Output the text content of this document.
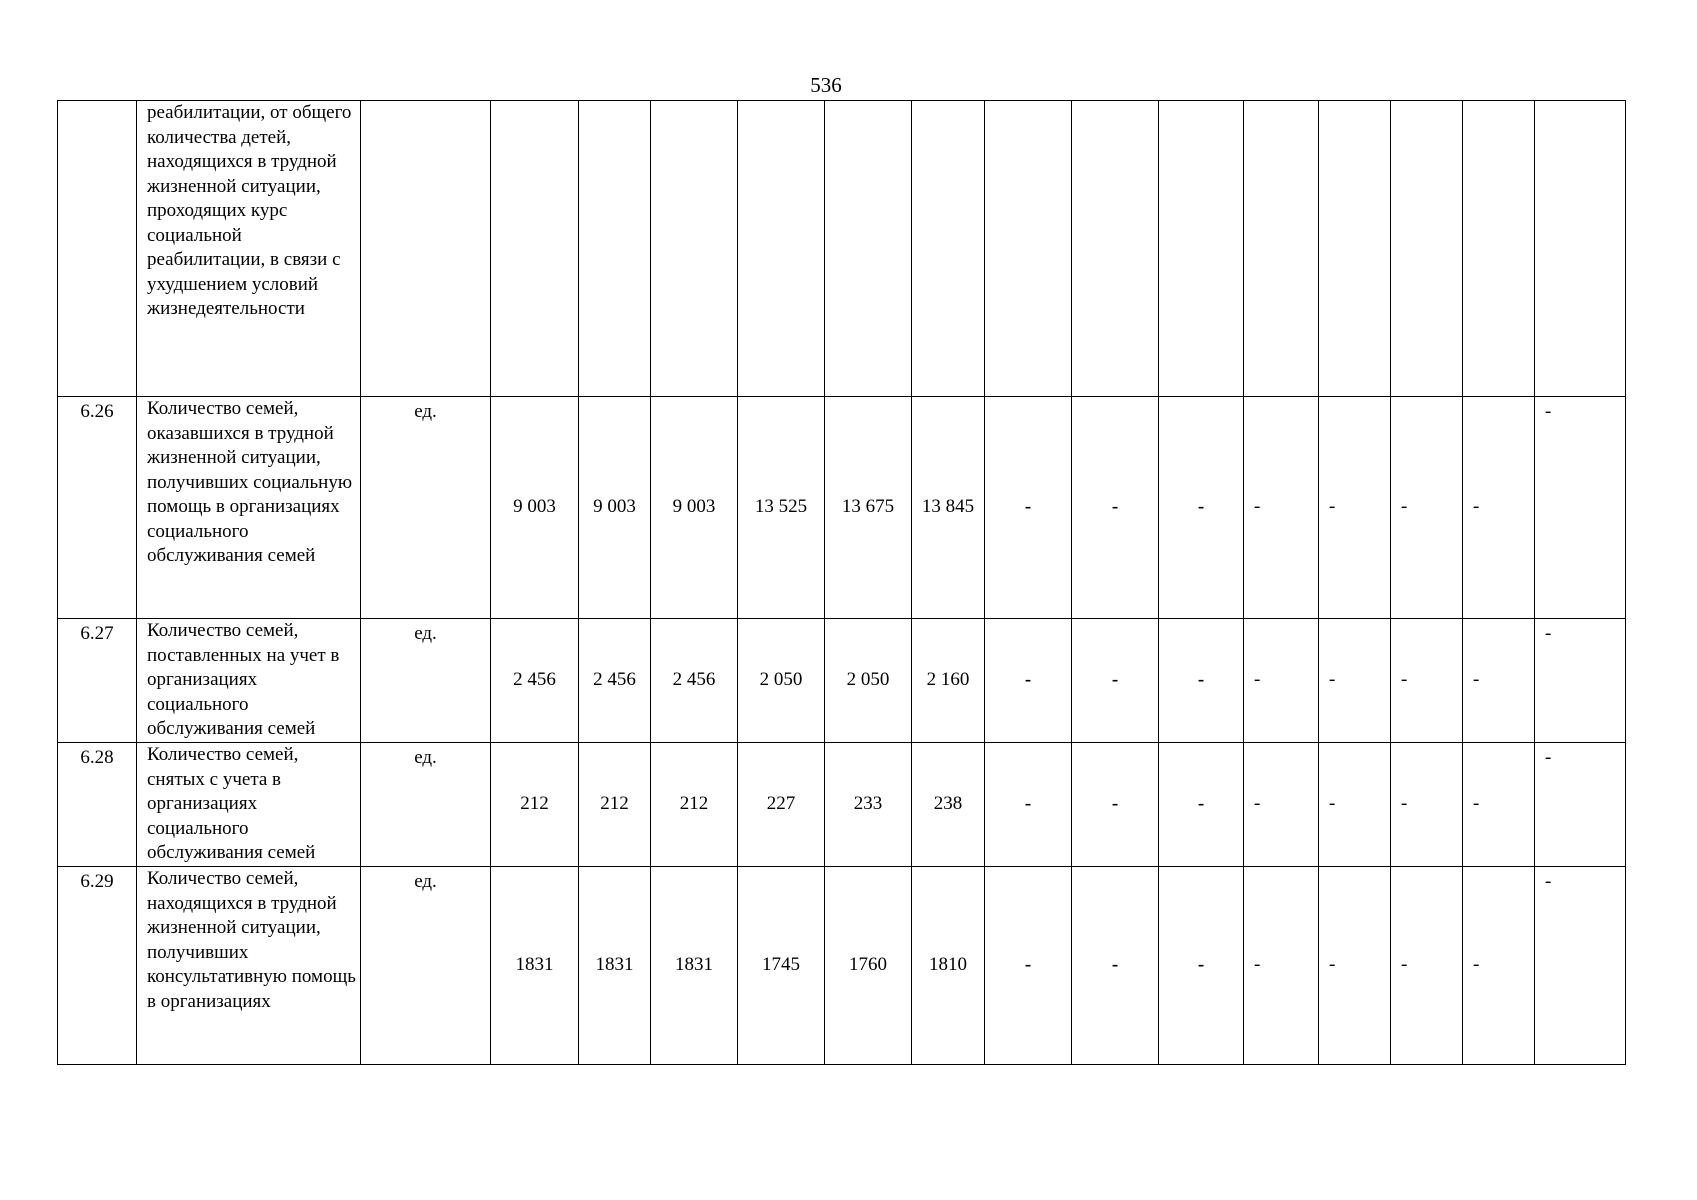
536

	реабилитации, от общего количества детей, находящихся в трудной жизненной ситуации, проходящих курс социальной реабилитации, в связи с ухудшением условий жизнедеятельности															

6.26	Количество семей, оказавшихся в трудной жизненной ситуации, получивших социальную помощь в организациях социального обслуживания семей	ед.	9 003	9 003	9 003	13 525	13 675	13 845	-	-	-	-	-	-	-	-
6.27	Количество семей, поставленных на учет в организациях социального обслуживания семей	ед.	2 456	2 456	2 456	2 050	2 050	2 160	-	-	-	-	-	-	-	-
6.28	Количество семей, снятых с учета в организациях социального обслуживания семей	ед.	212	212	212	227	233	238	-	-	-	-	-	-	-	-
6.29	Количество семей, находящихся в трудной жизненной ситуации, получивших консультативную помощь в организациях	ед.	1831	1831	1831	1745	1760	1810	-	-	-	-	-	-	-	-
